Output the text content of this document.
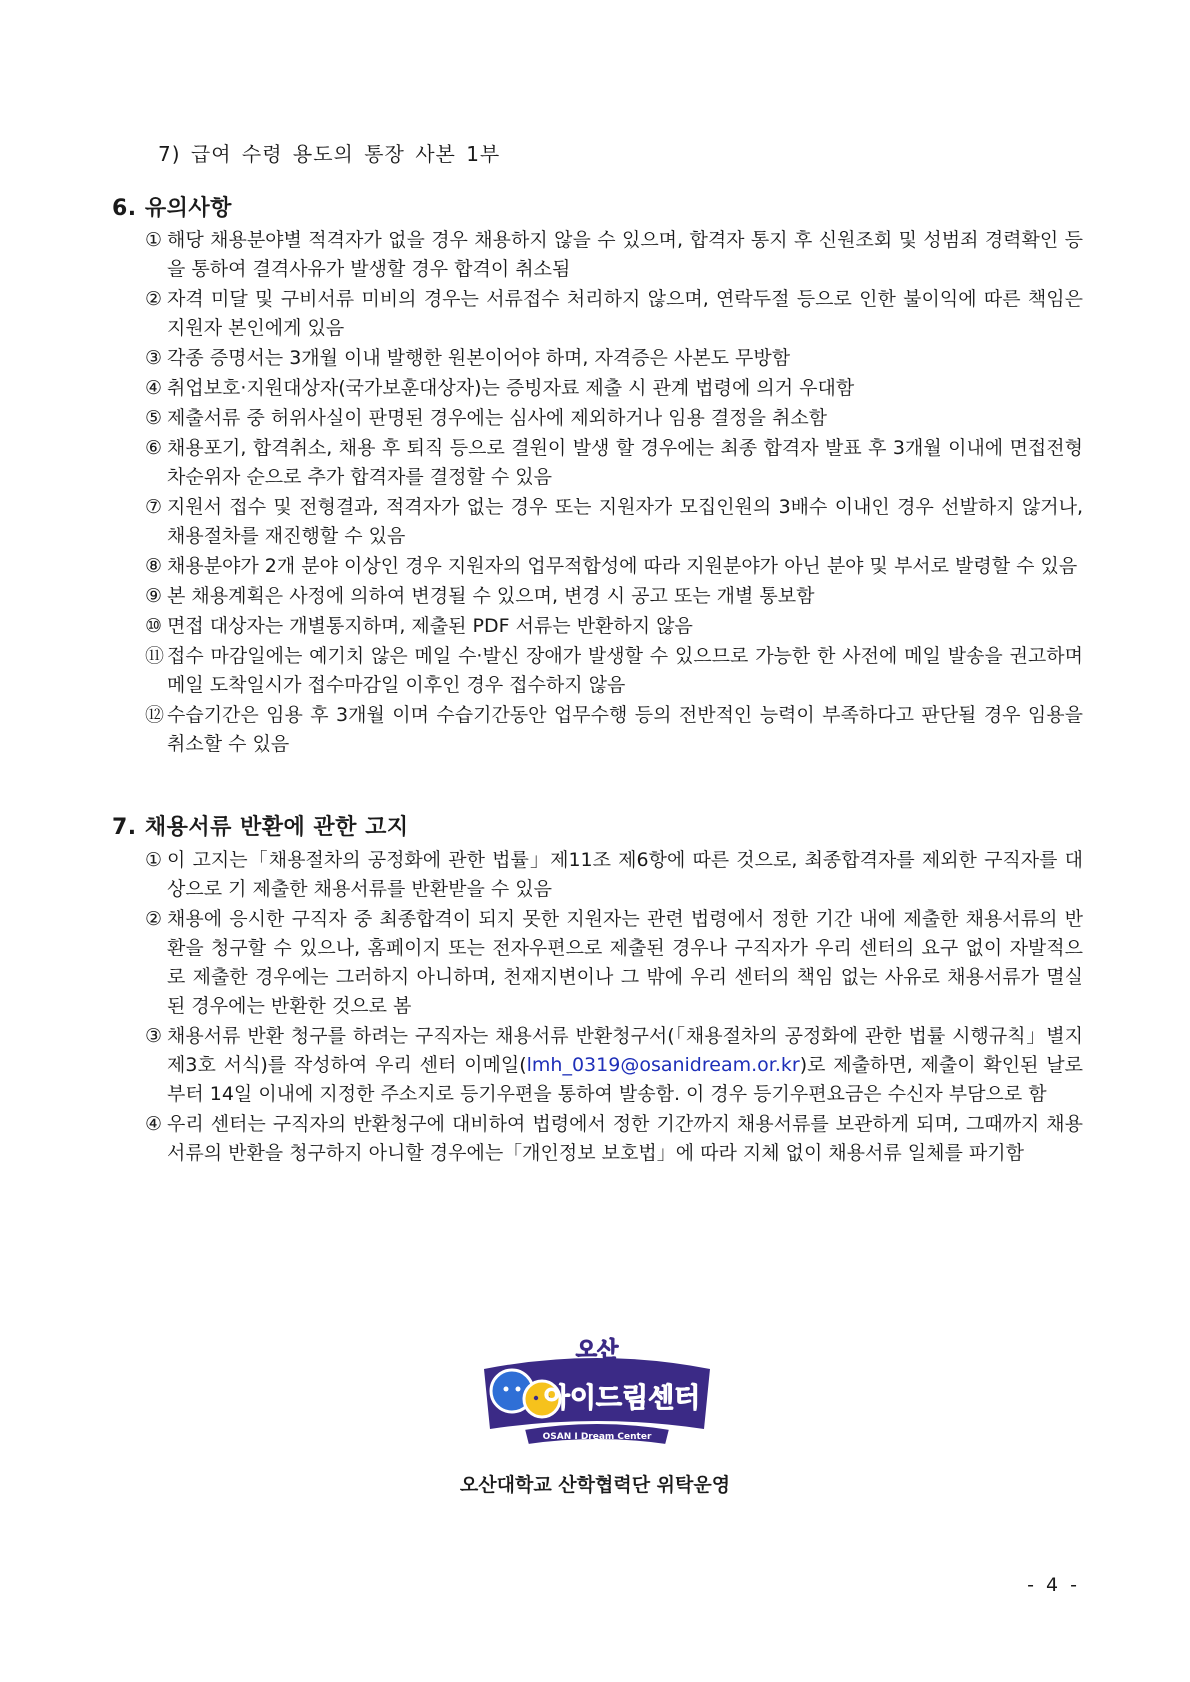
7) 급여 수령 용도의 통장 사본 1부
6. 유의사항
① 해당 채용분야별 적격자가 없을 경우 채용하지 않을 수 있으며, 합격자 통지 후 신원조회 및 성범죄 경력확인 등을 통하여 결격사유가 발생할 경우 합격이 취소됨
② 자격 미달 및 구비서류 미비의 경우는 서류접수 처리하지 않으며, 연락두절 등으로 인한 불이익에 따른 책임은 지원자 본인에게 있음
③ 각종 증명서는 3개월 이내 발행한 원본이어야 하며, 자격증은 사본도 무방함
④ 취업보호·지원대상자(국가보훈대상자)는 증빙자료 제출 시 관계 법령에 의거 우대함
⑤ 제출서류 중 허위사실이 판명된 경우에는 심사에 제외하거나 임용 결정을 취소함
⑥ 채용포기, 합격취소, 채용 후 퇴직 등으로 결원이 발생 할 경우에는 최종 합격자 발표 후 3개월 이내에 면접전형 차순위자 순으로 추가 합격자를 결정할 수 있음
⑦ 지원서 접수 및 전형결과, 적격자가 없는 경우 또는 지원자가 모집인원의 3배수 이내인 경우 선발하지 않거나, 채용절차를 재진행할 수 있음
⑧ 채용분야가 2개 분야 이상인 경우 지원자의 업무적합성에 따라 지원분야가 아닌 분야 및 부서로 발령할 수 있음
⑨ 본 채용계획은 사정에 의하여 변경될 수 있으며, 변경 시 공고 또는 개별 통보함
⑩ 면접 대상자는 개별통지하며, 제출된 PDF 서류는 반환하지 않음
⑪ 접수 마감일에는 예기치 않은 메일 수·발신 장애가 발생할 수 있으므로 가능한 한 사전에 메일 발송을 권고하며 메일 도착일시가 접수마감일 이후인 경우 접수하지 않음
⑫ 수습기간은 임용 후 3개월 이며 수습기간동안 업무수행 등의 전반적인 능력이 부족하다고 판단될 경우 임용을 취소할 수 있음
7. 채용서류 반환에 관한 고지
① 이 고지는「채용절차의 공정화에 관한 법률」제11조 제6항에 따른 것으로, 최종합격자를 제외한 구직자를 대상으로 기 제출한 채용서류를 반환받을 수 있음
② 채용에 응시한 구직자 중 최종합격이 되지 못한 지원자는 관련 법령에서 정한 기간 내에 제출한 채용서류의 반환을 청구할 수 있으나, 홈페이지 또는 전자우편으로 제출된 경우나 구직자가 우리 센터의 요구 없이 자발적으로 제출한 경우에는 그러하지 아니하며, 천재지변이나 그 밖에 우리 센터의 책임 없는 사유로 채용서류가 멸실된 경우에는 반환한 것으로 봄
③ 채용서류 반환 청구를 하려는 구직자는 채용서류 반환청구서(「채용절차의 공정화에 관한 법률 시행규칙」별지 제3호 서식)를 작성하여 우리 센터 이메일(lmh_0319@osanidream.or.kr)로 제출하면, 제출이 확인된 날로부터 14일 이내에 지정한 주소지로 등기우편을 통하여 발송함. 이 경우 등기우편요금은 수신자 부담으로 함
④ 우리 센터는 구직자의 반환청구에 대비하여 법령에서 정한 기간까지 채용서류를 보관하게 되며, 그때까지 채용서류의 반환을 청구하지 아니할 경우에는「개인정보 보호법」에 따라 지체 없이 채용서류 일체를 파기함
오산
아이드림센터
OSAN I Dream Center
오산대학교 산학협력단 위탁운영
- 4 -
